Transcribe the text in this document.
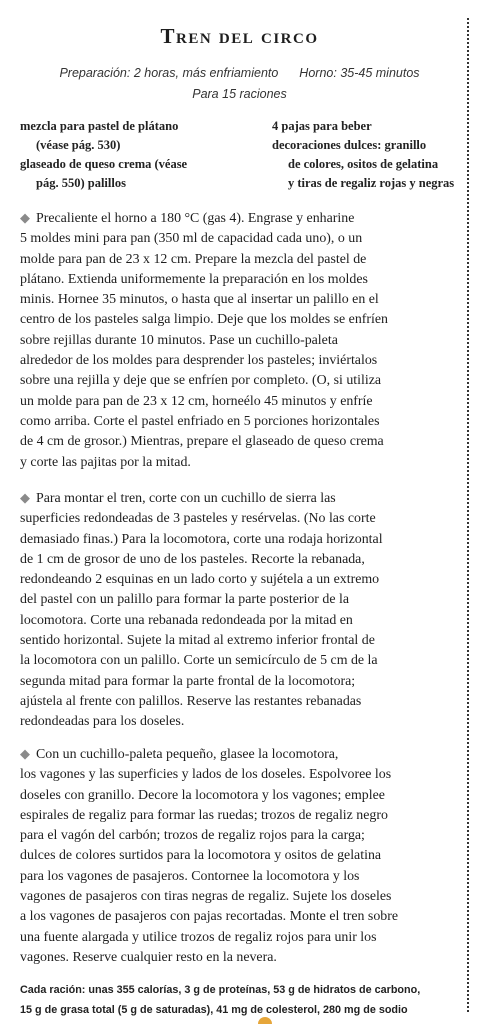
Tren del circo
Preparación: 2 horas, más enfriamiento Horno: 35-45 minutos
Para 15 raciones
mezcla para pastel de plátano
(véase pág. 530)
glaseado de queso crema (véase
pág. 550) palillos
4 pajas para beber
decoraciones dulces: granillo
de colores, ositos de gelatina
y tiras de regaliz rojas y negras
◆ Precaliente el horno a 180 °C (gas 4). Engrase y enharine
5 moldes mini para pan (350 ml de capacidad cada uno), o un
molde para pan de 23 x 12 cm. Prepare la mezcla del pastel de
plátano. Extienda uniformemente la preparación en los moldes
minis. Hornee 35 minutos, o hasta que al insertar un palillo en el
centro de los pasteles salga limpio. Deje que los moldes se enfríen
sobre rejillas durante 10 minutos. Pase un cuchillo-paleta
alrededor de los moldes para desprender los pasteles; inviértalos
sobre una rejilla y deje que se enfríen por completo. (O, si utiliza
un molde para pan de 23 x 12 cm, horneélo 45 minutos y enfríe
como arriba. Corte el pastel enfriado en 5 porciones horizontales
de 4 cm de grosor.) Mientras, prepare el glaseado de queso crema
y corte las pajitas por la mitad.
◆ Para montar el tren, corte con un cuchillo de sierra las
superficies redondeadas de 3 pasteles y resérvelas. (No las corte
demasiado finas.) Para la locomotora, corte una rodaja horizontal
de 1 cm de grosor de uno de los pasteles. Recorte la rebanada,
redondeando 2 esquinas en un lado corto y sujétela a un extremo
del pastel con un palillo para formar la parte posterior de la
locomotora. Corte una rebanada redondeada por la mitad en
sentido horizontal. Sujete la mitad al extremo inferior frontal de
la locomotora con un palillo. Corte un semicírculo de 5 cm de la
segunda mitad para formar la parte frontal de la locomotora;
ajústela al frente con palillos. Reserve las restantes rebanadas
redondeadas para los doseles.
◆ Con un cuchillo-paleta pequeño, glasee la locomotora,
los vagones y las superficies y lados de los doseles. Espolvoree los
doseles con granillo. Decore la locomotora y los vagones; emplee
espirales de regaliz para formar las ruedas; trozos de regaliz negro
para el vagón del carbón; trozos de regaliz rojos para la carga;
dulces de colores surtidos para la locomotora y ositos de gelatina
para los vagones de pasajeros. Contornee la locomotora y los
vagones de pasajeros con tiras negras de regaliz. Sujete los doseles
a los vagones de pasajeros con pajas recortadas. Monte el tren sobre
una fuente alargada y utilice trozos de regaliz rojos para unir los
vagones. Reserve cualquier resto en la nevera.
Cada ración: unas 355 calorías, 3 g de proteínas, 53 g de hidratos de carbono,
15 g de grasa total (5 g de saturadas), 41 mg de colesterol, 280 mg de sodio
